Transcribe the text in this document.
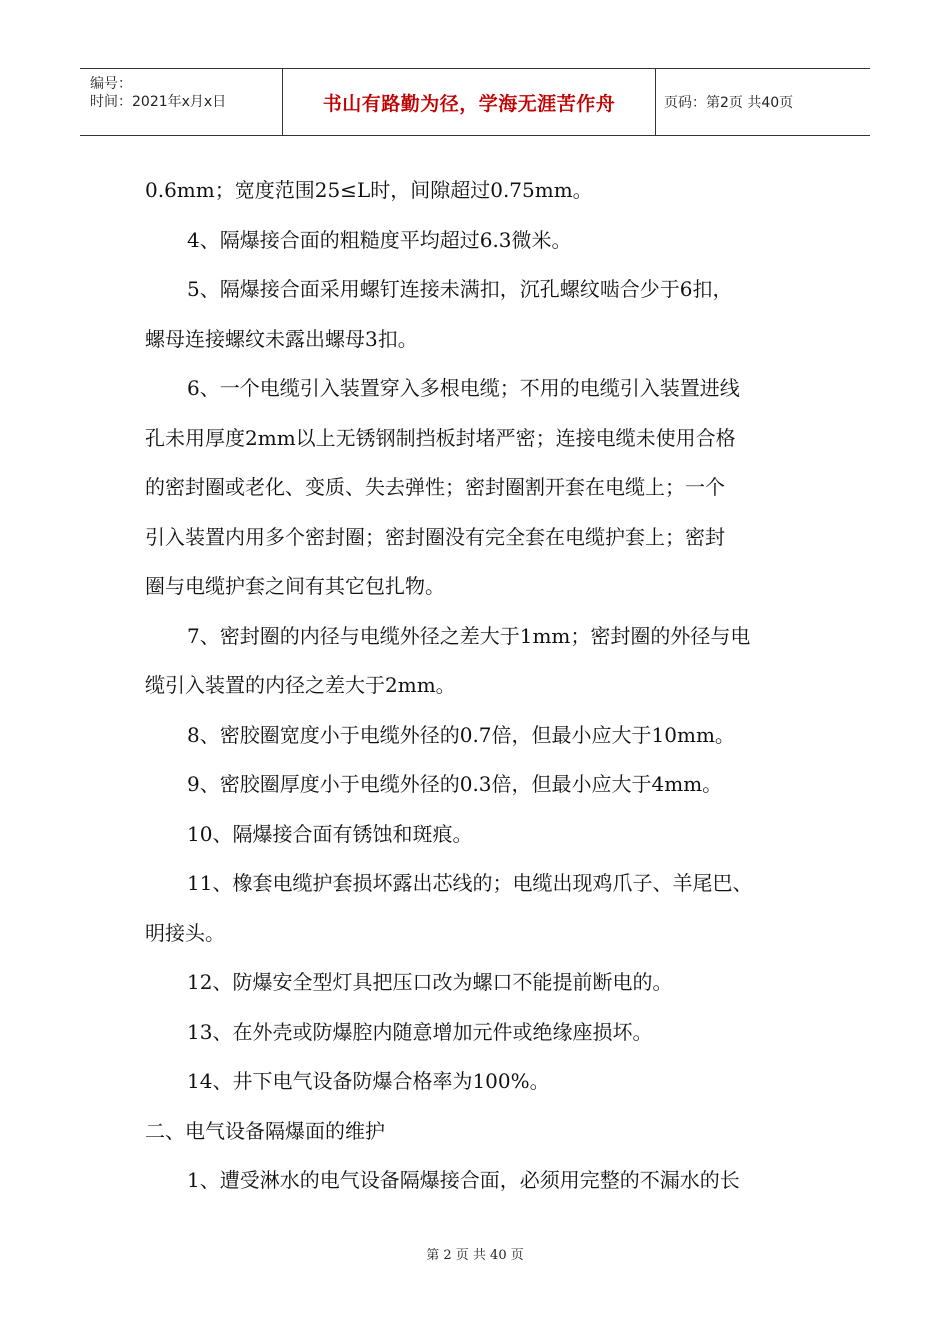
编号：
时间：2021年x月x日	书山有路勤为径，学海无涯苦作舟	页码：第2页 共40页

0.6mm；宽度范围25≤L时，间隙超过0.75mm。

4、隔爆接合面的粗糙度平均超过6.3微米。

5、隔爆接合面采用螺钉连接未满扣，沉孔螺纹啮合少于6扣，

螺母连接螺纹未露出螺母3扣。

6、一个电缆引入装置穿入多根电缆；不用的电缆引入装置进线

孔未用厚度2mm以上无锈钢制挡板封堵严密；连接电缆未使用合格

的密封圈或老化、变质、失去弹性；密封圈割开套在电缆上；一个

引入装置内用多个密封圈；密封圈没有完全套在电缆护套上；密封

圈与电缆护套之间有其它包扎物。

7、密封圈的内径与电缆外径之差大于1mm；密封圈的外径与电

缆引入装置的内径之差大于2mm。

8、密胶圈宽度小于电缆外径的0.7倍，但最小应大于10mm。

9、密胶圈厚度小于电缆外径的0.3倍，但最小应大于4mm。

10、隔爆接合面有锈蚀和斑痕。

11、橡套电缆护套损坏露出芯线的；电缆出现鸡爪子、羊尾巴、

明接头。

12、防爆安全型灯具把压口改为螺口不能提前断电的。

13、在外壳或防爆腔内随意增加元件或绝缘座损坏。

14、井下电气设备防爆合格率为100%。

二、电气设备隔爆面的维护

1、遭受淋水的电气设备隔爆接合面，必须用完整的不漏水的长

第 2 页 共 40 页
